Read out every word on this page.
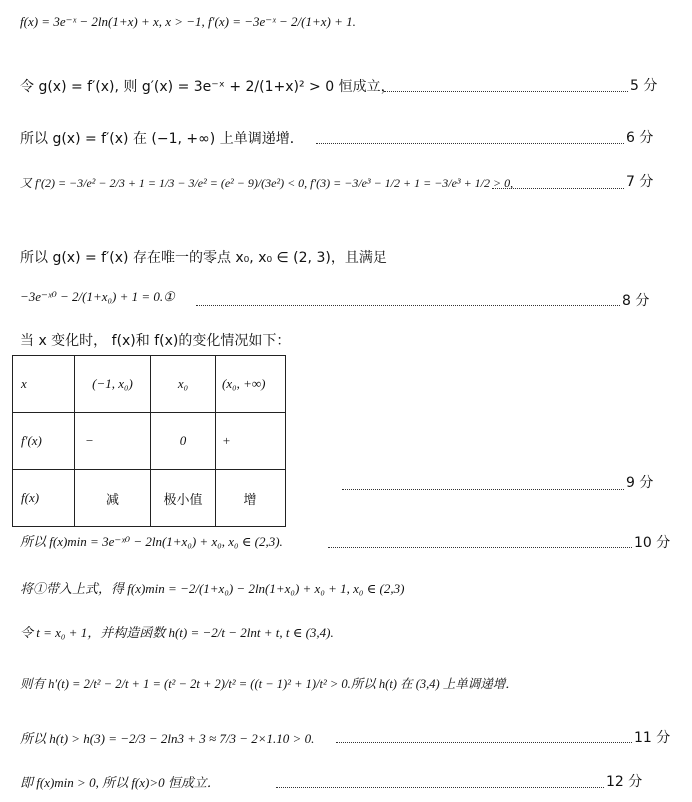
f(x) = 3e⁻ˣ − 2ln(1+x) + x, x > −1, f′(x) = −3e⁻ˣ − 2/(1+x) + 1.
令 g(x) = f′(x), 则 g′(x) = 3e⁻ˣ + 2/(1+x)² > 0 恒成立，	5 分
所以 g(x) = f′(x) 在 (−1, +∞) 上单调递增．	6 分
又 f′(2) = −3/e² − 2/3 + 1 = 1/3 − 3/e² = (e² − 9)/(3e²) < 0, f′(3) = −3/e³ − 1/2 + 1 = −3/e³ + 1/2 > 0,	7 分
所以 g(x) = f′(x) 存在唯一的零点 x₀, x₀ ∈ (2, 3)，且满足
−3e⁻ˣ⁰ − 2/(1+x₀) + 1 = 0.①	8 分
当 x 变化时， f(x)和 f(x)的变化情况如下：
x	(−1, x₀)	x₀	(x₀, +∞)
f′(x)	−	0	+
f(x)	减	极小值	增
9 分
所以 f(x)min = 3e⁻ˣ⁰ − 2ln(1+x₀) + x₀, x₀ ∈ (2,3).	10 分
将①带入上式，得 f(x)min = −2/(1+x₀) − 2ln(1+x₀) + x₀ + 1, x₀ ∈ (2,3)
令 t = x₀ + 1，并构造函数 h(t) = −2/t − 2lnt + t, t ∈ (3,4).
则有 h′(t) = 2/t² − 2/t + 1 = (t² − 2t + 2)/t² = ((t − 1)² + 1)/t² > 0.所以 h(t) 在 (3,4) 上单调递增．
所以 h(t) > h(3) = −2/3 − 2ln3 + 3 ≈ 7/3 − 2×1.10 > 0.	11 分
即 f(x)min > 0, 所以 f(x)>0 恒成立．	12 分
